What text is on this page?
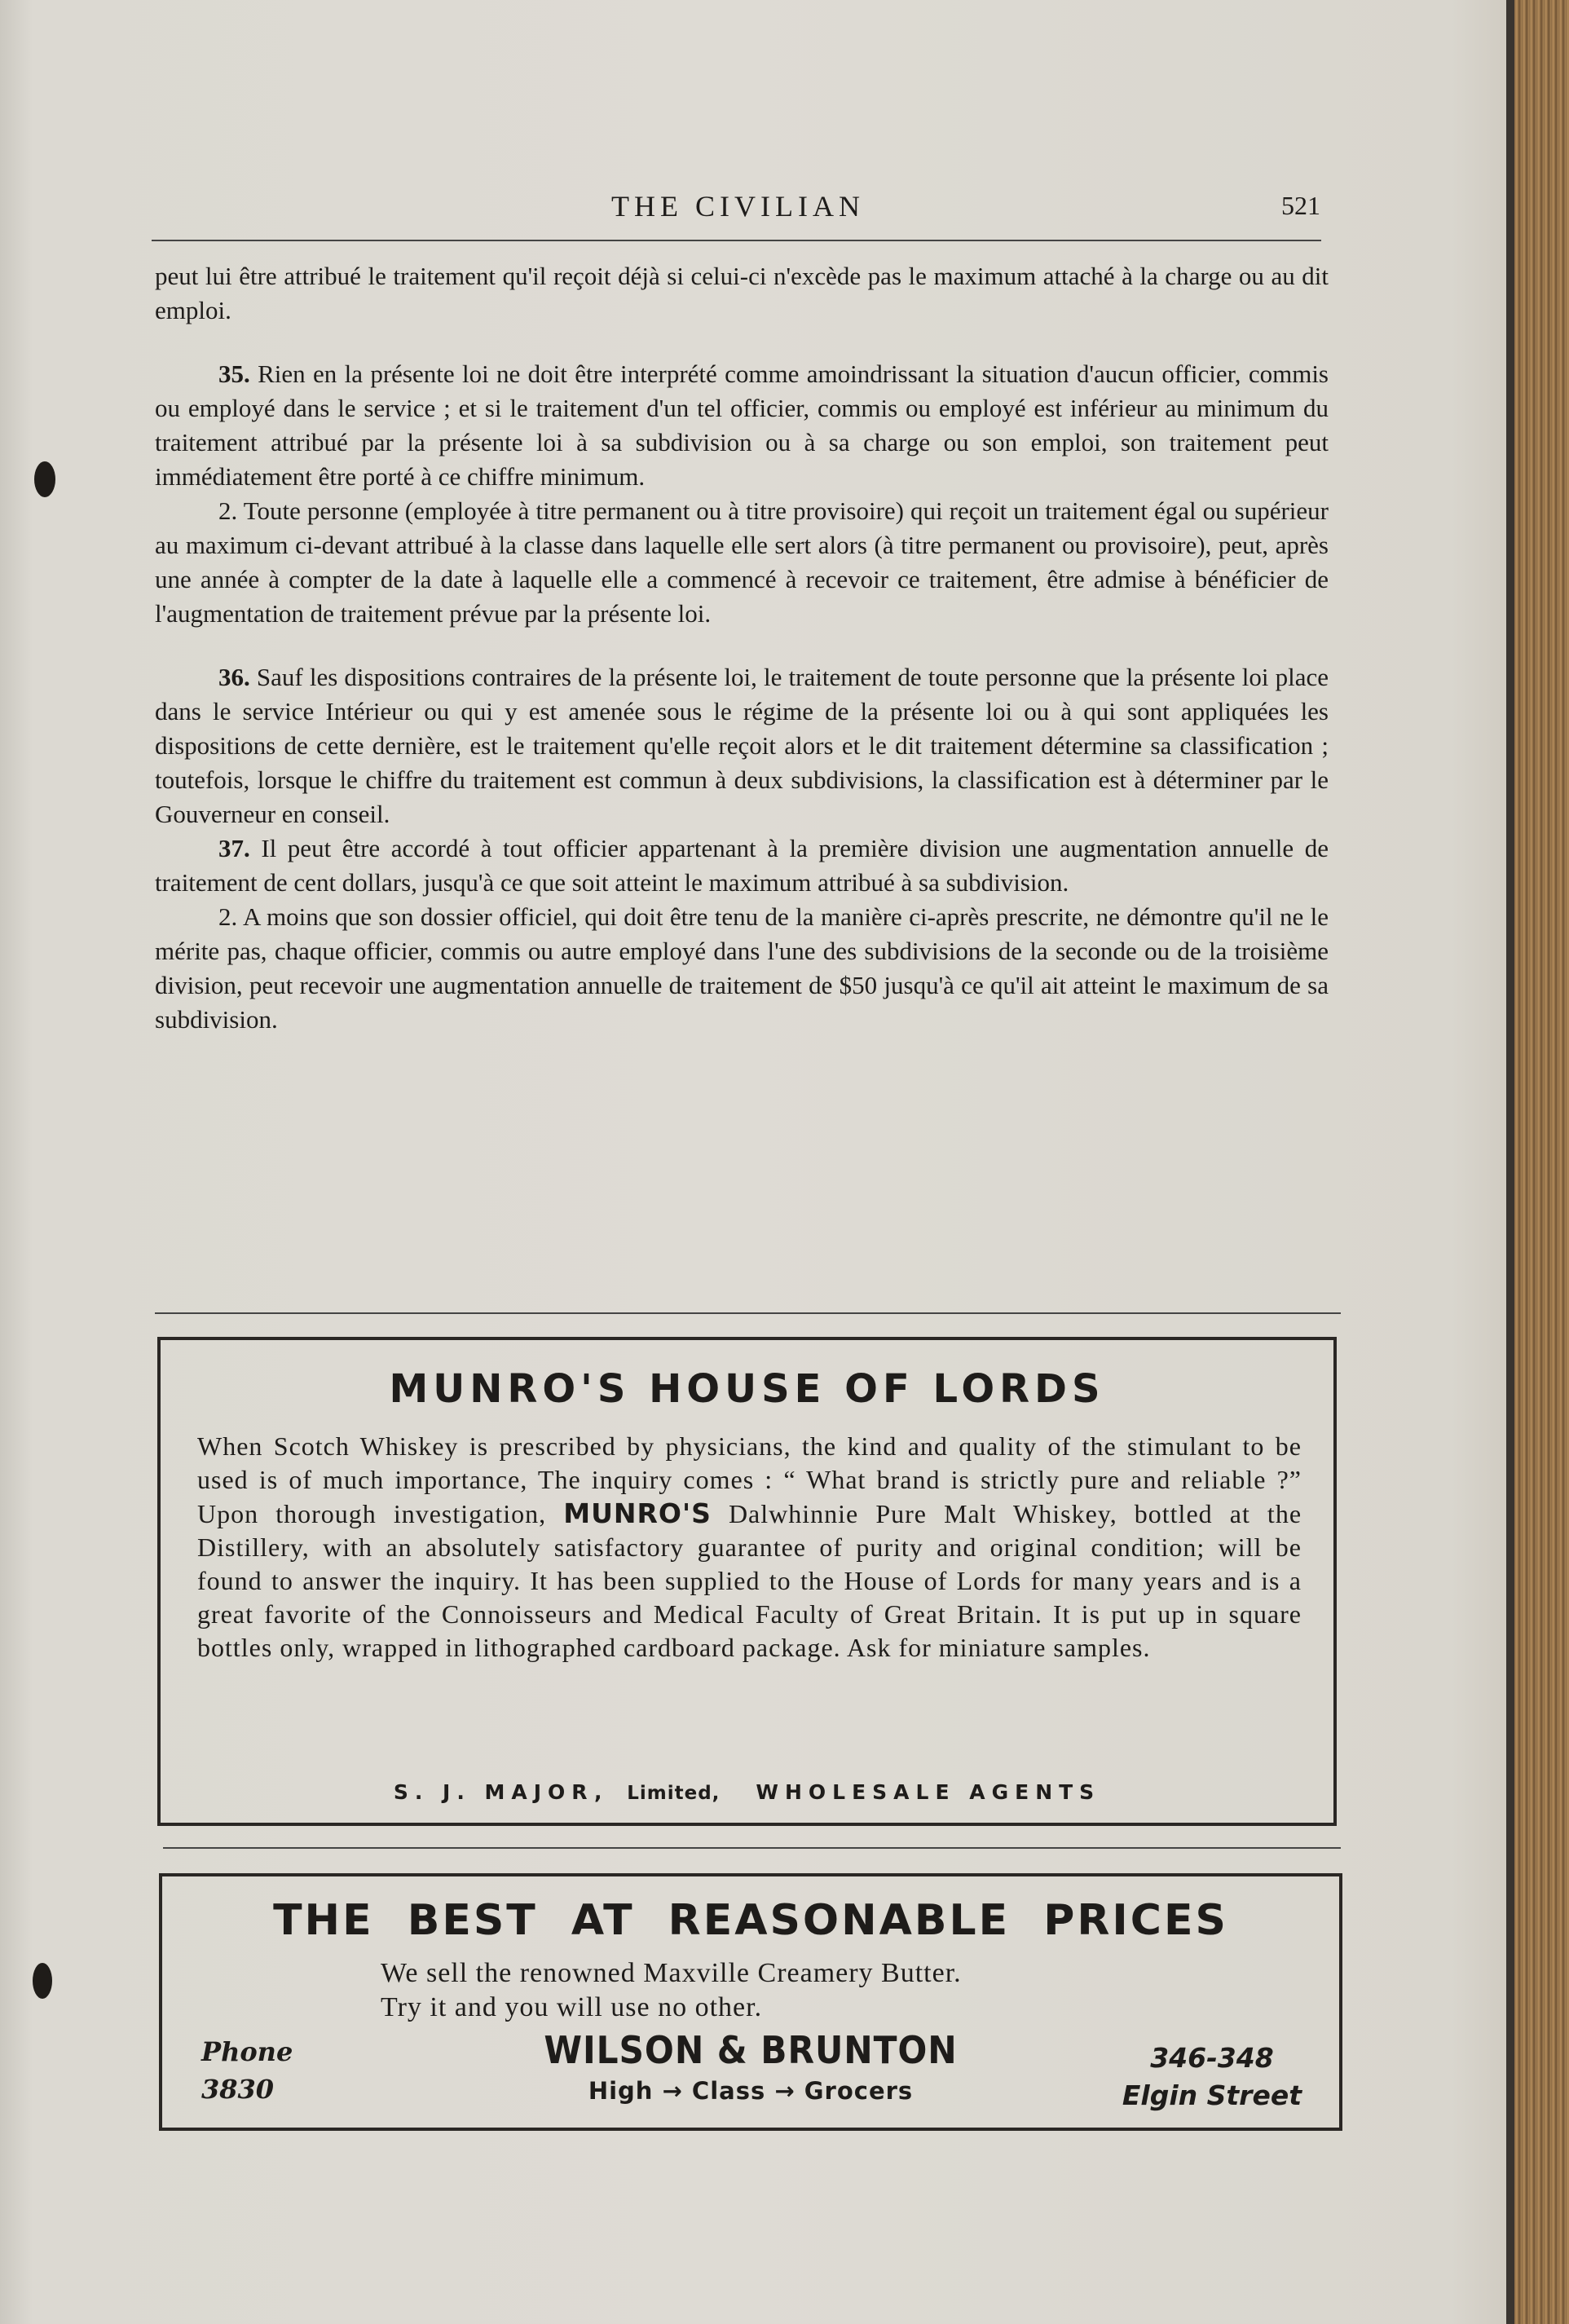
THE CIVILIAN	521

peut lui être attribué le traitement qu'il reçoit déjà si celui-ci n'excède pas le maximum attaché à la charge ou au dit emploi.

35. Rien en la présente loi ne doit être interprété comme amoindrissant la situation d'aucun officier, commis ou employé dans le service ; et si le traitement d'un tel officier, commis ou employé est inférieur au minimum du traitement attribué par la présente loi à sa subdivision ou à sa charge ou son emploi, son traitement peut immédiatement être porté à ce chiffre minimum.

2. Toute personne (employée à titre permanent ou à titre provisoire) qui reçoit un traitement égal ou supérieur au maximum ci-devant attribué à la classe dans laquelle elle sert alors (à titre permanent ou provisoire), peut, après une année à compter de la date à laquelle elle a commencé à recevoir ce traitement, être admise à bénéficier de l'augmentation de traitement prévue par la présente loi.

36. Sauf les dispositions contraires de la présente loi, le traitement de toute personne que la présente loi place dans le service Intérieur ou qui y est amenée sous le régime de la présente loi ou à qui sont appliquées les dispositions de cette dernière, est le traitement qu'elle reçoit alors et le dit traitement détermine sa classification ; toutefois, lorsque le chiffre du traitement est commun à deux subdivisions, la classification est à déterminer par le Gouverneur en conseil.

37. Il peut être accordé à tout officier appartenant à la première division une augmentation annuelle de traitement de cent dollars, jusqu'à ce que soit atteint le maximum attribué à sa subdivision.

2. A moins que son dossier officiel, qui doit être tenu de la manière ci-après prescrite, ne démontre qu'il ne le mérite pas, chaque officier, commis ou autre employé dans l'une des subdivisions de la seconde ou de la troisième division, peut recevoir une augmentation annuelle de traitement de $50 jusqu'à ce qu'il ait atteint le maximum de sa subdivision.

MUNRO'S HOUSE OF LORDS

When Scotch Whiskey is prescribed by physicians, the kind and quality of the stimulant to be used is of much importance, The inquiry comes : “ What brand is strictly pure and reliable ?” Upon thorough investigation, MUNRO'S Dalwhinnie Pure Malt Whiskey, bottled at the Distillery, with an absolutely satisfactory guarantee of purity and original condition; will be found to answer the inquiry. It has been supplied to the House of Lords for many years and is a great favorite of the Connoisseurs and Medical Faculty of Great Britain. It is put up in square bottles only, wrapped in lithographed cardboard package. Ask for miniature samples.

S. J. MAJOR, Limited, WHOLESALE AGENTS
THE BEST AT REASONABLE PRICES
We sell the renowned Maxville Creamery Butter.
Try it and you will use no other.
Phone
3830
WILSON & BRUNTON
High → Class → Grocers
346-348
Elgin Street
